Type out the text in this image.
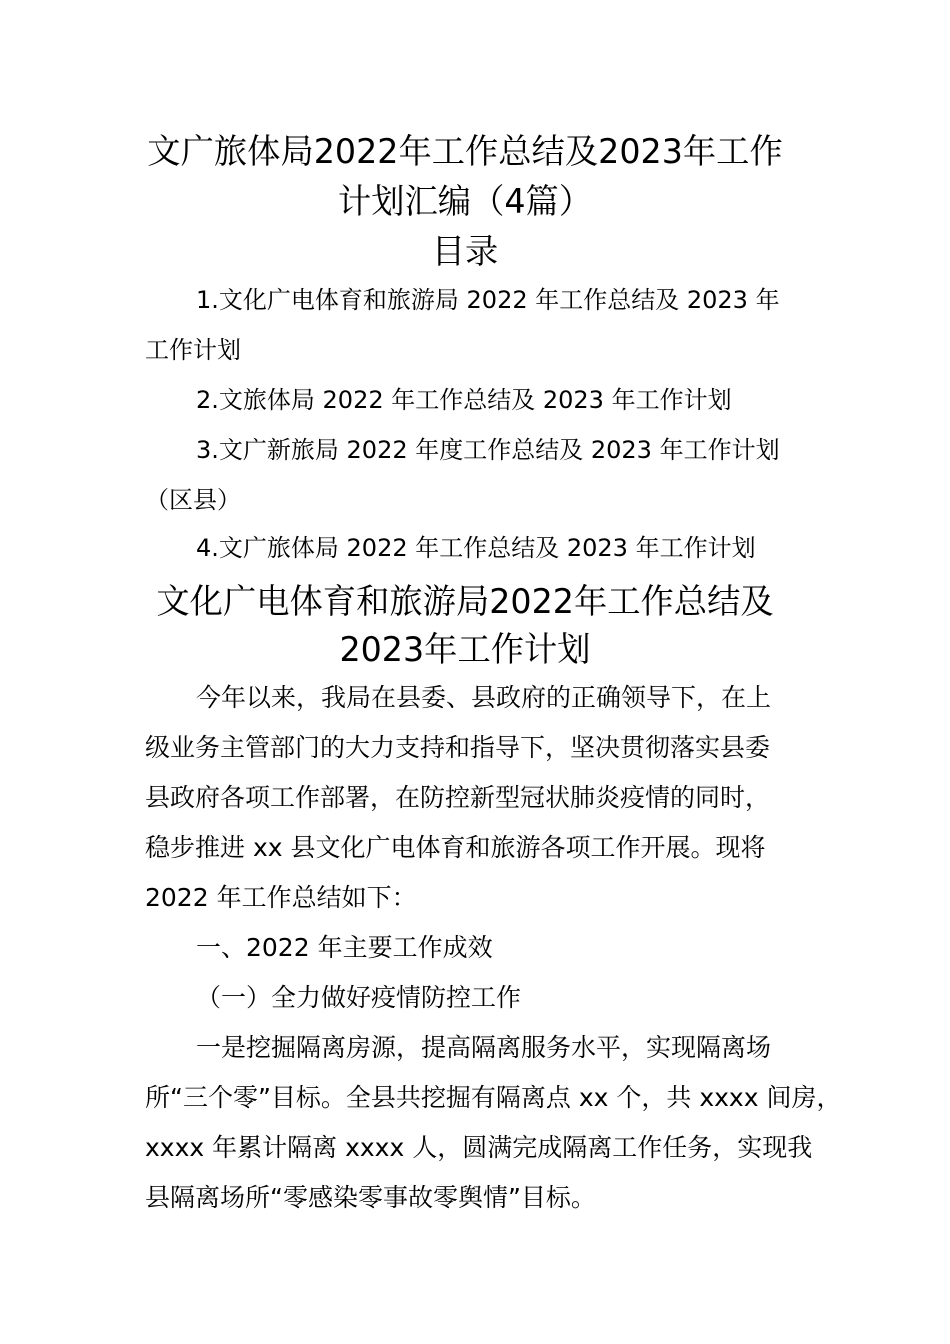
文广旅体局2022年工作总结及2023年工作
计划汇编（4篇）
目录
1.文化广电体育和旅游局 2022 年工作总结及 2023 年
工作计划
2.文旅体局 2022 年工作总结及 2023 年工作计划
3.文广新旅局 2022 年度工作总结及 2023 年工作计划
（区县）
4.文广旅体局 2022 年工作总结及 2023 年工作计划
文化广电体育和旅游局2022年工作总结及
2023年工作计划
今年以来，我局在县委、县政府的正确领导下，在上
级业务主管部门的大力支持和指导下，坚决贯彻落实县委
县政府各项工作部署，在防控新型冠状肺炎疫情的同时，
稳步推进 xx 县文化广电体育和旅游各项工作开展。现将
2022 年工作总结如下：
一、2022 年主要工作成效
（一）全力做好疫情防控工作
一是挖掘隔离房源，提高隔离服务水平，实现隔离场
所“三个零”目标。全县共挖掘有隔离点 xx 个，共 xxxx 间房，
xxxx 年累计隔离 xxxx 人，圆满完成隔离工作任务，实现我
县隔离场所“零感染零事故零舆情”目标。
